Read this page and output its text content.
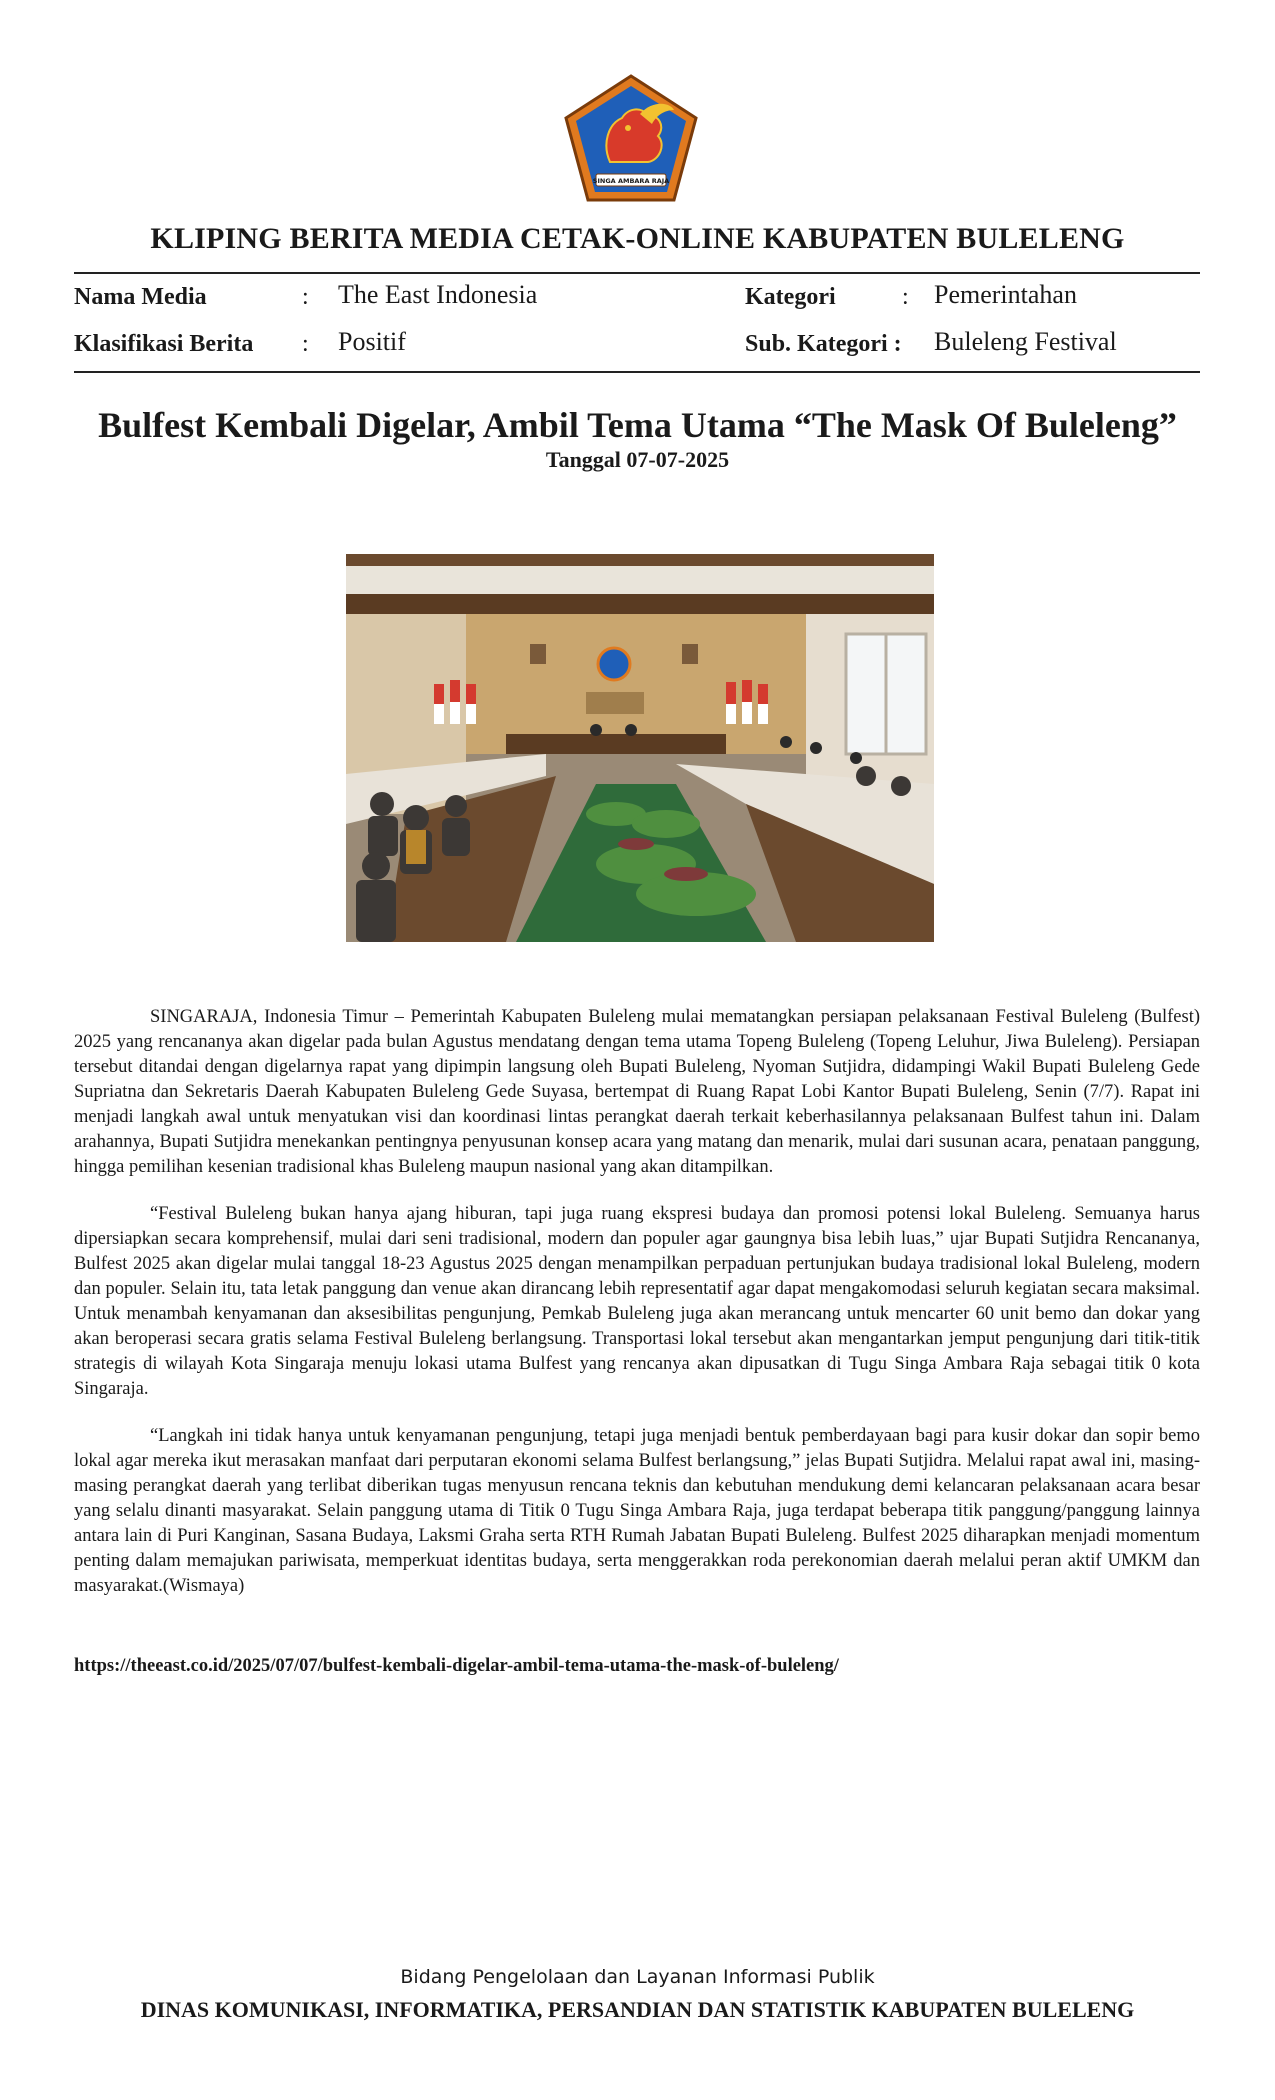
SINGA AMBARA RAJA
KLIPING BERITA MEDIA CETAK-ONLINE KABUPATEN BULELENG
Nama Media	: The East Indonesia
Klasifikasi Berita : Positif
Kategori	: Pemerintahan
Sub. Kategori : Buleleng Festival
Bulfest Kembali Digelar, Ambil Tema Utama “The Mask Of Buleleng”
Tanggal 07-07-2025

SINGARAJA, Indonesia Timur – Pemerintah Kabupaten Buleleng mulai mematangkan persiapan pelaksanaan Festival Buleleng (Bulfest) 2025 yang rencananya akan digelar pada bulan Agustus mendatang dengan tema utama Topeng Buleleng (Topeng Leluhur, Jiwa Buleleng). Persiapan tersebut ditandai dengan digelarnya rapat yang dipimpin langsung oleh Bupati Buleleng, Nyoman Sutjidra, didampingi Wakil Bupati Buleleng Gede Supriatna dan Sekretaris Daerah Kabupaten Buleleng Gede Suyasa, bertempat di Ruang Rapat Lobi Kantor Bupati Buleleng, Senin (7/7). Rapat ini menjadi langkah awal untuk menyatukan visi dan koordinasi lintas perangkat daerah terkait keberhasilannya pelaksanaan Bulfest tahun ini. Dalam arahannya, Bupati Sutjidra menekankan pentingnya penyusunan konsep acara yang matang dan menarik, mulai dari susunan acara, penataan panggung, hingga pemilihan kesenian tradisional khas Buleleng maupun nasional yang akan ditampilkan.

“Festival Buleleng bukan hanya ajang hiburan, tapi juga ruang ekspresi budaya dan promosi potensi lokal Buleleng. Semuanya harus dipersiapkan secara komprehensif, mulai dari seni tradisional, modern dan populer agar gaungnya bisa lebih luas,” ujar Bupati Sutjidra Rencananya, Bulfest 2025 akan digelar mulai tanggal 18-23 Agustus 2025 dengan menampilkan perpaduan pertunjukan budaya tradisional lokal Buleleng, modern dan populer. Selain itu, tata letak panggung dan venue akan dirancang lebih representatif agar dapat mengakomodasi seluruh kegiatan secara maksimal. Untuk menambah kenyamanan dan aksesibilitas pengunjung, Pemkab Buleleng juga akan merancang untuk mencarter 60 unit bemo dan dokar yang akan beroperasi secara gratis selama Festival Buleleng berlangsung. Transportasi lokal tersebut akan mengantarkan jemput pengunjung dari titik-titik strategis di wilayah Kota Singaraja menuju lokasi utama Bulfest yang rencanya akan dipusatkan di Tugu Singa Ambara Raja sebagai titik 0 kota Singaraja.

“Langkah ini tidak hanya untuk kenyamanan pengunjung, tetapi juga menjadi bentuk pemberdayaan bagi para kusir dokar dan sopir bemo lokal agar mereka ikut merasakan manfaat dari perputaran ekonomi selama Bulfest berlangsung,” jelas Bupati Sutjidra. Melalui rapat awal ini, masing-masing perangkat daerah yang terlibat diberikan tugas menyusun rencana teknis dan kebutuhan mendukung demi kelancaran pelaksanaan acara besar yang selalu dinanti masyarakat. Selain panggung utama di Titik 0 Tugu Singa Ambara Raja, juga terdapat beberapa titik panggung/panggung lainnya antara lain di Puri Kanginan, Sasana Budaya, Laksmi Graha serta RTH Rumah Jabatan Bupati Buleleng. Bulfest 2025 diharapkan menjadi momentum penting dalam memajukan pariwisata, memperkuat identitas budaya, serta menggerakkan roda perekonomian daerah melalui peran aktif UMKM dan masyarakat.(Wismaya)

https://theeast.co.id/2025/07/07/bulfest-kembali-digelar-ambil-tema-utama-the-mask-of-buleleng/
Bidang Pengelolaan dan Layanan Informasi Publik
DINAS KOMUNIKASI, INFORMATIKA, PERSANDIAN DAN STATISTIK KABUPATEN BULELENG
